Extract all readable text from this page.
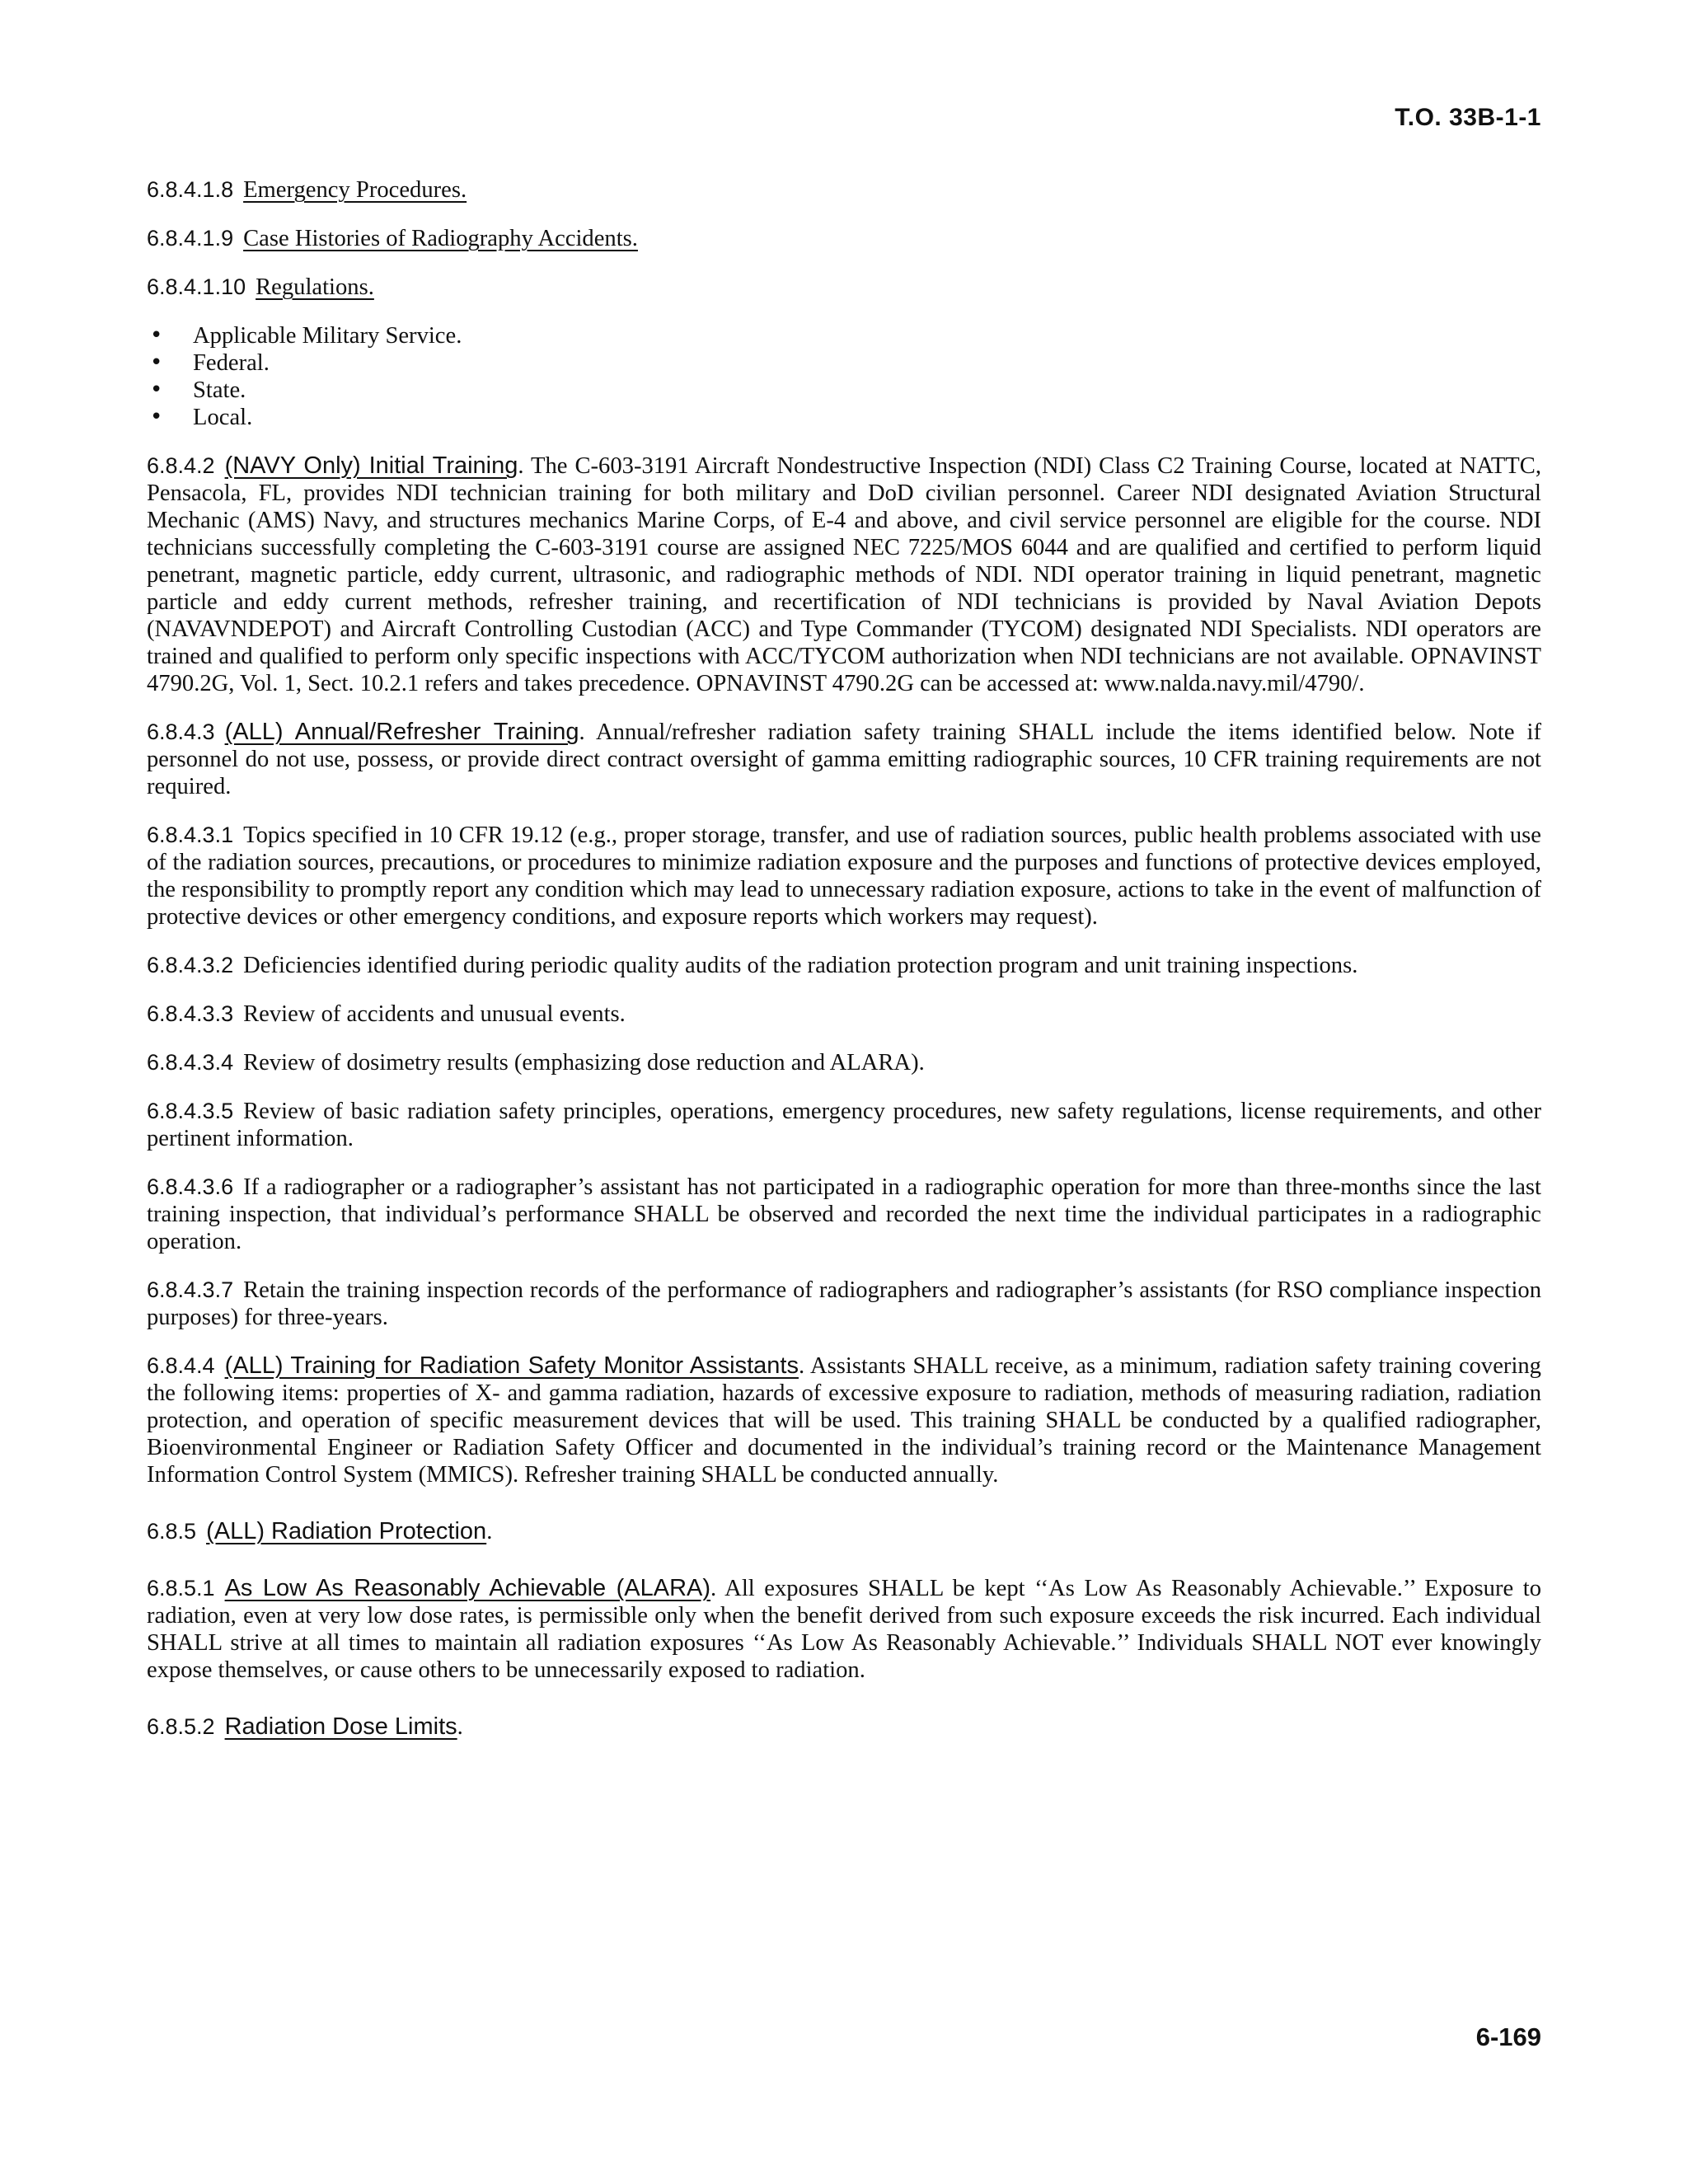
T.O. 33B-1-1

6.8.4.1.8 Emergency Procedures.

6.8.4.1.9 Case Histories of Radiography Accidents.

6.8.4.1.10 Regulations.

• Applicable Military Service.
• Federal.
• State.
• Local.

6.8.4.2 (NAVY Only) Initial Training. The C-603-3191 Aircraft Nondestructive Inspection (NDI) Class C2 Training Course, located at NATTC, Pensacola, FL, provides NDI technician training for both military and DoD civilian personnel. Career NDI designated Aviation Structural Mechanic (AMS) Navy, and structures mechanics Marine Corps, of E-4 and above, and civil service personnel are eligible for the course. NDI technicians successfully completing the C-603-3191 course are assigned NEC 7225/MOS 6044 and are qualified and certified to perform liquid penetrant, magnetic particle, eddy current, ultrasonic, and radiographic methods of NDI. NDI operator training in liquid penetrant, magnetic particle and eddy current methods, refresher training, and recertification of NDI technicians is provided by Naval Aviation Depots (NAVAVNDEPOT) and Aircraft Controlling Custodian (ACC) and Type Commander (TYCOM) designated NDI Specialists. NDI operators are trained and qualified to perform only specific inspections with ACC/TYCOM authorization when NDI technicians are not available. OPNAVINST 4790.2G, Vol. 1, Sect. 10.2.1 refers and takes precedence. OPNAVINST 4790.2G can be accessed at: www.nalda.navy.mil/4790/.

6.8.4.3 (ALL) Annual/Refresher Training. Annual/refresher radiation safety training SHALL include the items identified below. Note if personnel do not use, possess, or provide direct contract oversight of gamma emitting radiographic sources, 10 CFR training requirements are not required.

6.8.4.3.1 Topics specified in 10 CFR 19.12 (e.g., proper storage, transfer, and use of radiation sources, public health problems associated with use of the radiation sources, precautions, or procedures to minimize radiation exposure and the purposes and functions of protective devices employed, the responsibility to promptly report any condition which may lead to unnecessary radiation exposure, actions to take in the event of malfunction of protective devices or other emergency conditions, and exposure reports which workers may request).

6.8.4.3.2 Deficiencies identified during periodic quality audits of the radiation protection program and unit training inspections.

6.8.4.3.3 Review of accidents and unusual events.

6.8.4.3.4 Review of dosimetry results (emphasizing dose reduction and ALARA).

6.8.4.3.5 Review of basic radiation safety principles, operations, emergency procedures, new safety regulations, license requirements, and other pertinent information.

6.8.4.3.6 If a radiographer or a radiographer’s assistant has not participated in a radiographic operation for more than three-months since the last training inspection, that individual’s performance SHALL be observed and recorded the next time the individual participates in a radiographic operation.

6.8.4.3.7 Retain the training inspection records of the performance of radiographers and radiographer’s assistants (for RSO compliance inspection purposes) for three-years.

6.8.4.4 (ALL) Training for Radiation Safety Monitor Assistants. Assistants SHALL receive, as a minimum, radiation safety training covering the following items: properties of X- and gamma radiation, hazards of excessive exposure to radiation, methods of measuring radiation, radiation protection, and operation of specific measurement devices that will be used. This training SHALL be conducted by a qualified radiographer, Bioenvironmental Engineer or Radiation Safety Officer and documented in the individual’s training record or the Maintenance Management Information Control System (MMICS). Refresher training SHALL be conducted annually.

6.8.5 (ALL) Radiation Protection.

6.8.5.1 As Low As Reasonably Achievable (ALARA). All exposures SHALL be kept ‘‘As Low As Reasonably Achievable.’’ Exposure to radiation, even at very low dose rates, is permissible only when the benefit derived from such exposure exceeds the risk incurred. Each individual SHALL strive at all times to maintain all radiation exposures ‘‘As Low As Reasonably Achievable.’’ Individuals SHALL NOT ever knowingly expose themselves, or cause others to be unnecessarily exposed to radiation.

6.8.5.2 Radiation Dose Limits.

6-169
